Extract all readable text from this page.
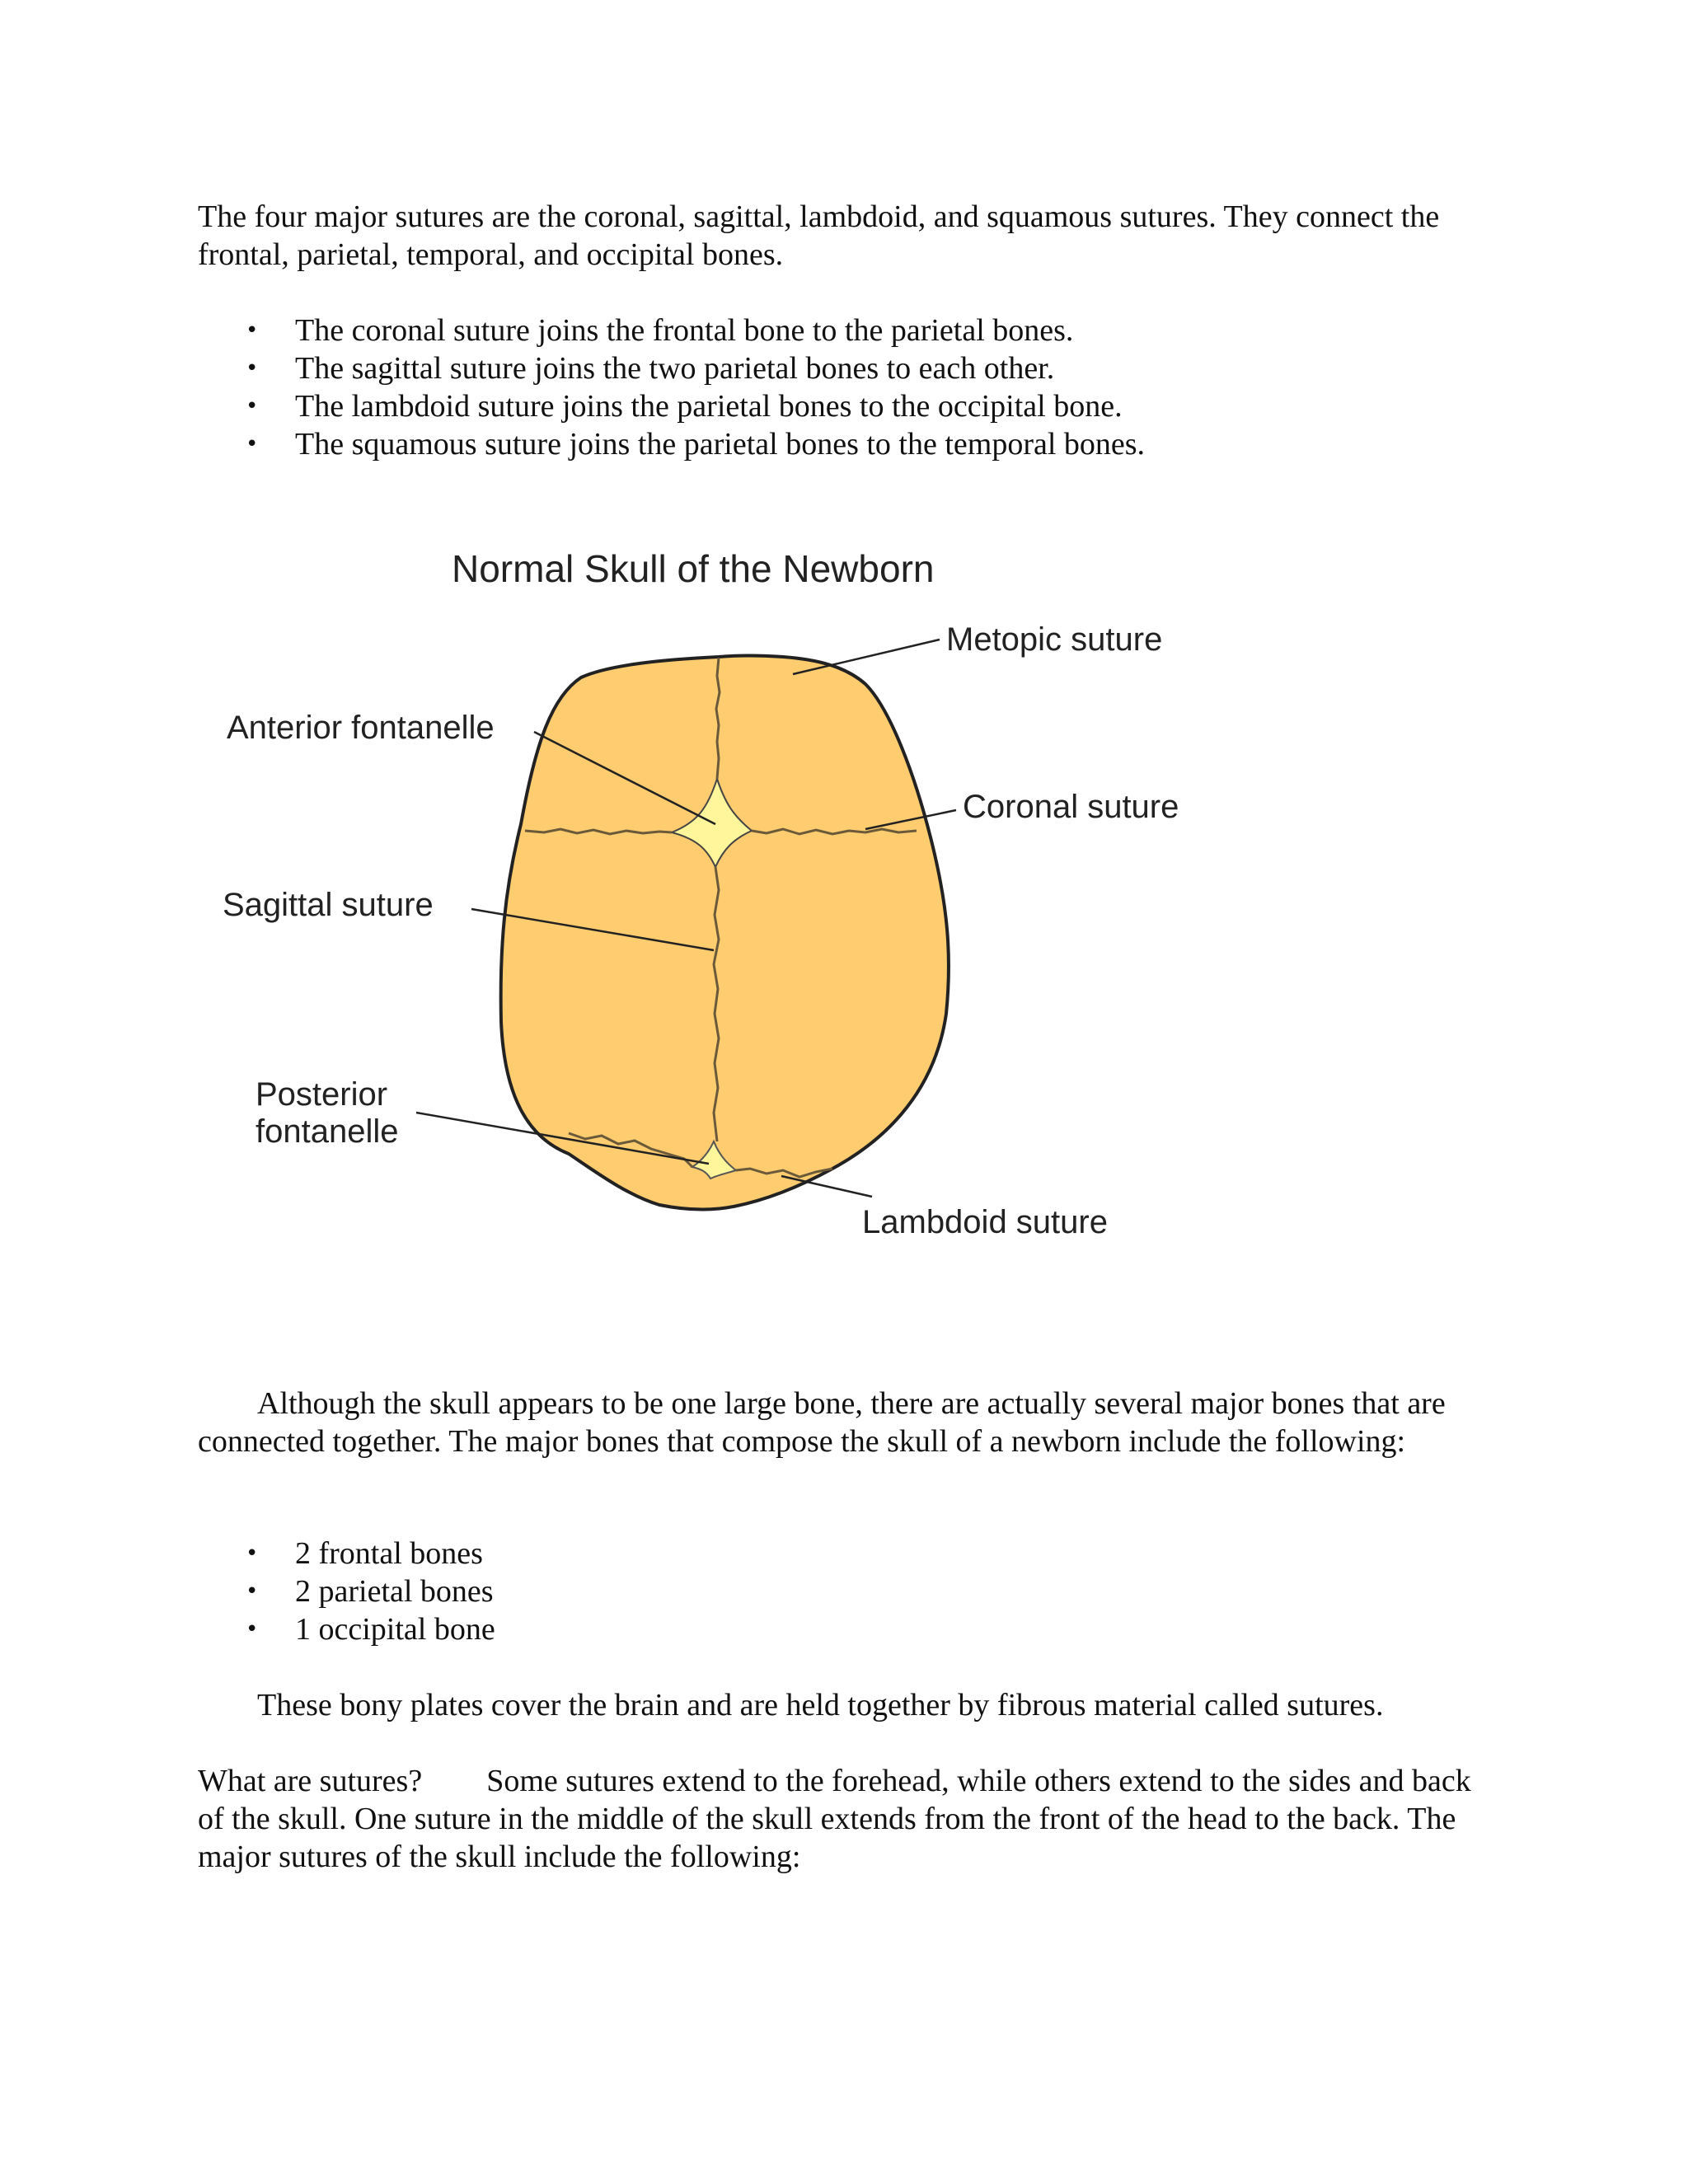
The four major sutures are the coronal, sagittal, lambdoid, and squamous sutures. They connect the frontal, parietal, temporal, and occipital bones.

• The coronal suture joins the frontal bone to the parietal bones.
• The sagittal suture joins the two parietal bones to each other.
• The lambdoid suture joins the parietal bones to the occipital bone.
• The squamous suture joins the parietal bones to the temporal bones.
Normal Skull of the Newborn
Metopic suture
Anterior fontanelle
Coronal suture
Sagittal suture
Posterior
fontanelle
Lambdoid suture

Although the skull appears to be one large bone, there are actually several major bones that are connected together. The major bones that compose the skull of a newborn include the following:

• 2 frontal bones
• 2 parietal bones
• 1 occipital bone

These bony plates cover the brain and are held together by fibrous material called sutures.

What are sutures? Some sutures extend to the forehead, while others extend to the sides and back of the skull. One suture in the middle of the skull extends from the front of the head to the back. The major sutures of the skull include the following:
